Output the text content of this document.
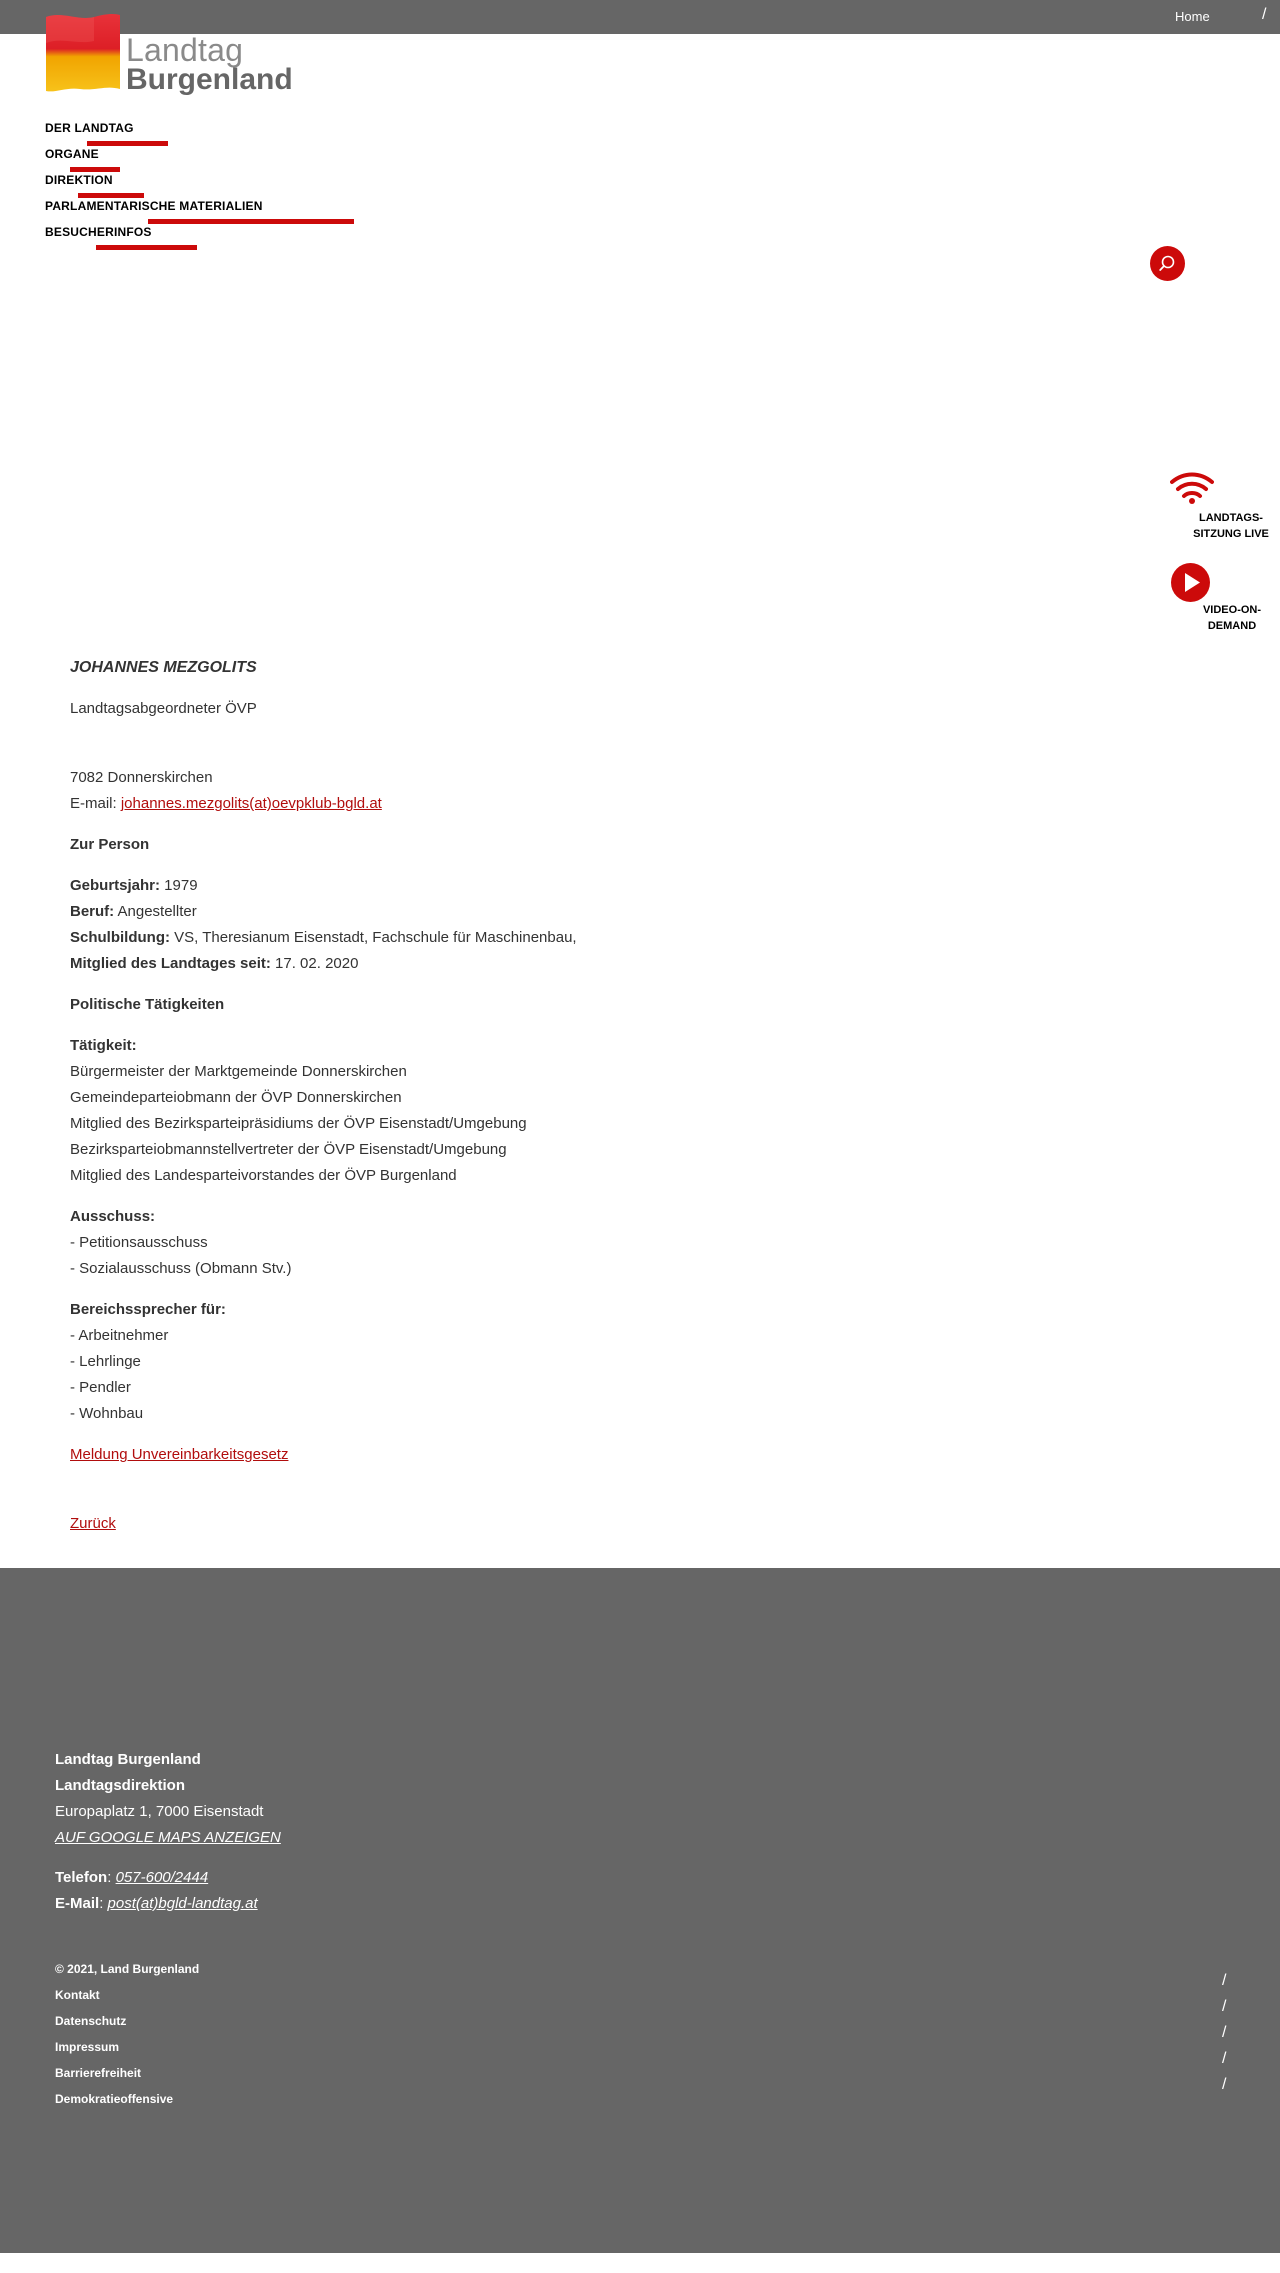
Home	/
Landtag
Burgenland
DER LANDTAG
ORGANE
DIREKTION
PARLAMENTARISCHE MATERIALIEN
BESUCHERINFOS
LANDTAGS-
SITZUNG LIVE
VIDEO-ON-
DEMAND
JOHANNES MEZGOLITS
Landtagsabgeordneter ÖVP
7082 Donnerskirchen
E-mail: johannes.mezgolits(at)oevpklub-bgld.at
Zur Person
Geburtsjahr: 1979
Beruf: Angestellter
Schulbildung: VS, Theresianum Eisenstadt, Fachschule für Maschinenbau,
Mitglied des Landtages seit: 17. 02. 2020
Politische Tätigkeiten
Tätigkeit:
Bürgermeister der Marktgemeinde Donnerskirchen
Gemeindeparteiobmann der ÖVP Donnerskirchen
Mitglied des Bezirksparteipräsidiums der ÖVP Eisenstadt/Umgebung
Bezirksparteiobmannstellvertreter der ÖVP Eisenstadt/Umgebung
Mitglied des Landesparteivorstandes der ÖVP Burgenland
Ausschuss:
- Petitionsausschuss
- Sozialausschuss (Obmann Stv.)
Bereichssprecher für:
- Arbeitnehmer
- Lehrlinge
- Pendler
- Wohnbau
Meldung Unvereinbarkeitsgesetz
Zurück
Landtag Burgenland
Landtagsdirektion
Europaplatz 1, 7000 Eisenstadt
AUF GOOGLE MAPS ANZEIGEN
Telefon: 057-600/2444
E-Mail: post(at)bgld-landtag.at
© 2021, Land Burgenland
Kontakt
Datenschutz
Impressum
Barrierefreiheit
Demokratieoffensive
/
/
/
/
/
